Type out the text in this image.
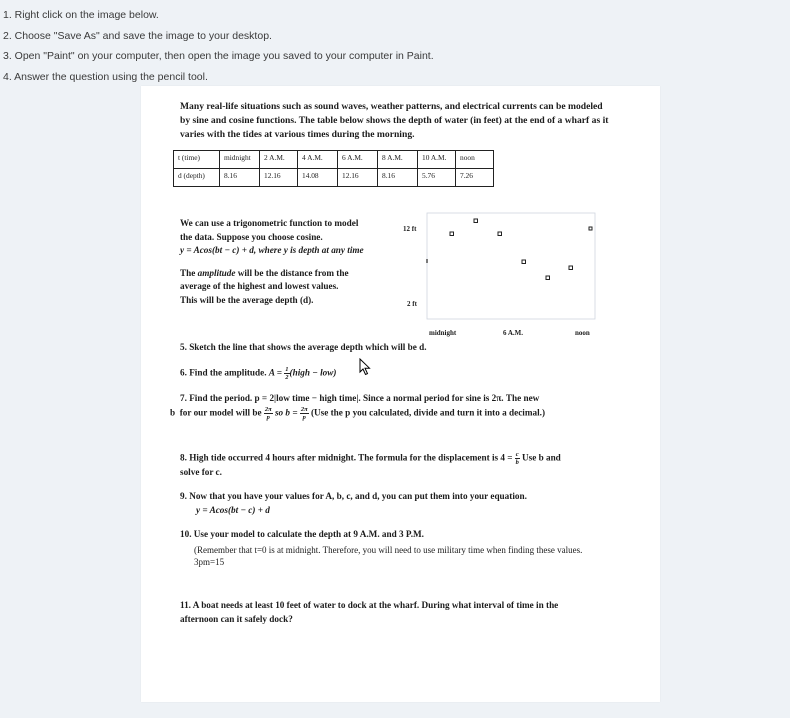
1. Right click on the image below.
2. Choose "Save As" and save the image to your desktop.
3. Open "Paint" on your computer, then open the image you saved to your computer in Paint.
4. Answer the question using the pencil tool.
Many real-life situations such as sound waves, weather patterns, and electrical currents can be modeled by sine and cosine functions. The table below shows the depth of water (in feet) at the end of a wharf as it varies with the tides at various times during the morning.
t (time)	midnight	2 A.M.	4 A.M.	6 A.M.	8 A.M.	10 A.M.	noon
d (depth)	8.16	12.16	14.08	12.16	8.16	5.76	7.26
We can use a trigonometric function to model
the data. Suppose you choose cosine.
y = Acos(bt − c) + d, where y is depth at any time
The amplitude will be the distance from the
average of the highest and lowest values.
This will be the average depth (d).
12 ft
2 ft
midnight	6 A.M.	noon
5. Sketch the line that shows the average depth which will be d.
6. Find the amplitude. $A = \frac{1}{2}$ (high − low)
7. Find the period. p = 2|low time − high time|. Since a normal period for sine is 2π. The new
b for our model will be $\frac{2\pi}{p}$ so $b = \frac{2\pi}{p} (Use$ the p you calculated, divide and turn it into a decimal.)
8. High tide occurred 4 hours after midnight. The formula for the displacement is $4 = \frac{c}{b}$ Use b and
solve for c.
9. Now that you have your values for A, b, c, and d, you can put them into your equation.
y = Acos(bt − c) + d
10. Use your model to calculate the depth at 9 A.M. and 3 P.M.
(Remember that t=0 is at midnight. Therefore, you will need to use military time when finding these values.
3pm=15
11. A boat needs at least 10 feet of water to dock at the wharf. During what interval of time in the
afternoon can it safely dock?
